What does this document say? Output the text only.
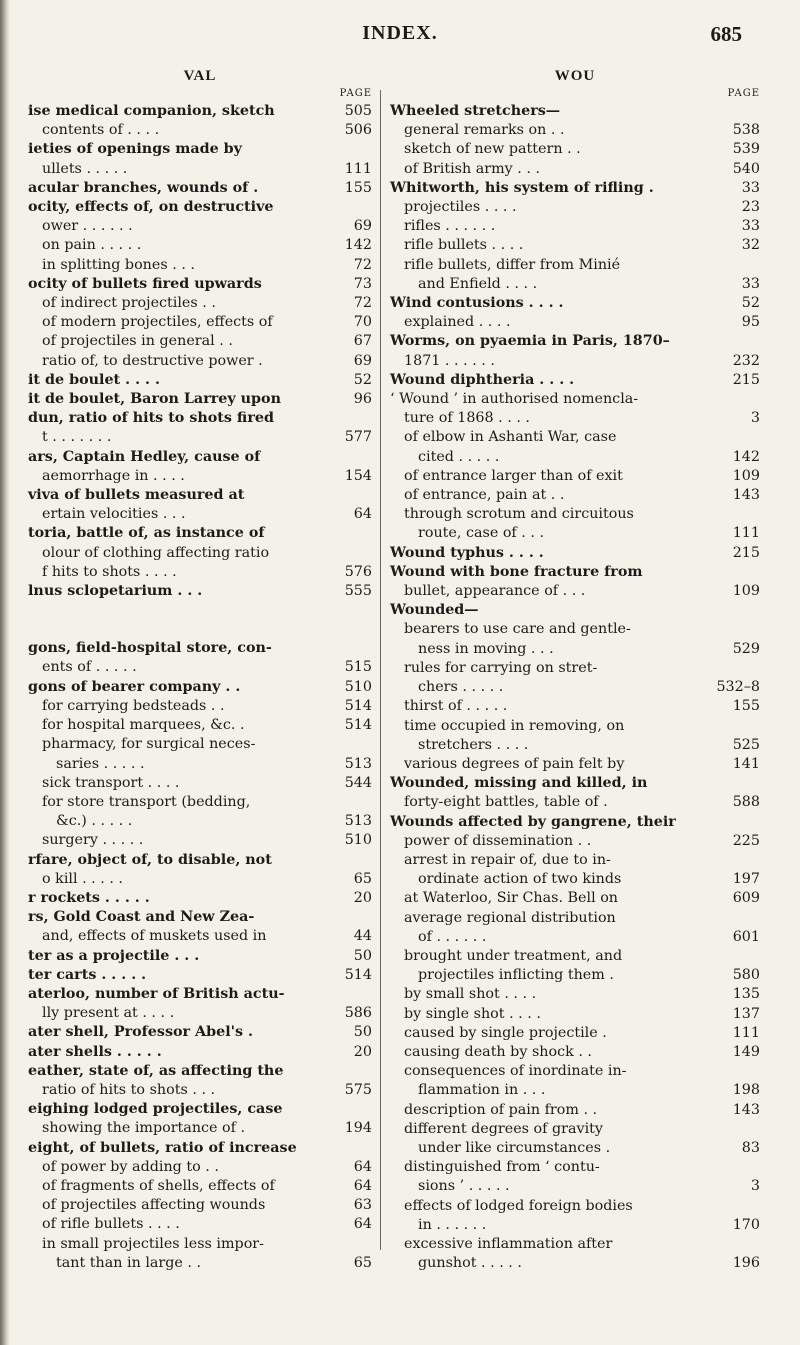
INDEX.	685
VAL
PAGE
ise medical companion, sketch	505
contents of . . . .	506
ieties of openings made by
ullets . . . . .	111
acular branches, wounds of .	155
ocity, effects of, on destructive
ower . . . . . .	69
on pain . . . . .	142
in splitting bones . . .	72
ocity of bullets fired upwards	73
of indirect projectiles . .	72
of modern projectiles, effects of	70
of projectiles in general . .	67
ratio of, to destructive power .	69
it de boulet . . . .	52
it de boulet, Baron Larrey upon	96
dun, ratio of hits to shots fired
t . . . . . . .	577
ars, Captain Hedley, cause of
aemorrhage in . . . .	154
viva of bullets measured at
ertain velocities . . .	64
toria, battle of, as instance of
olour of clothing affecting ratio
f hits to shots . . . .	576
lnus sclopetarium . . .	555
gons, field-hospital store, con-
ents of . . . . .	515
gons of bearer company . .	510
for carrying bedsteads . .	514
for hospital marquees, &c. .	514
pharmacy, for surgical neces-
saries . . . . .	513
sick transport . . . .	544
for store transport (bedding,
&c.) . . . . .	513
surgery . . . . .	510
rfare, object of, to disable, not
o kill . . . . .	65
r rockets . . . . .	20
rs, Gold Coast and New Zea-
and, effects of muskets used in	44
ter as a projectile . . .	50
ter carts . . . . .	514
aterloo, number of British actu-
lly present at . . . .	586
ater shell, Professor Abel's .	50
ater shells . . . . .	20
eather, state of, as affecting the
ratio of hits to shots . . .	575
eighing lodged projectiles, case
showing the importance of .	194
eight, of bullets, ratio of increase
of power by adding to . .	64
of fragments of shells, effects of	64
of projectiles affecting wounds	63
of rifle bullets . . . .	64
in small projectiles less impor-
tant than in large . .	65
WOU
PAGE
Wheeled stretchers—
general remarks on . .	538
sketch of new pattern . .	539
of British army . . .	540
Whitworth, his system of rifling .	33
projectiles . . . .	23
rifles . . . . . .	33
rifle bullets . . . .	32
rifle bullets, differ from Minié
and Enfield . . . .	33
Wind contusions . . . .	52
explained . . . .	95
Worms, on pyaemia in Paris, 1870–
1871 . . . . . .	232
Wound diphtheria . . . .	215
‘ Wound ’ in authorised nomencla-
ture of 1868 . . . .	3
of elbow in Ashanti War, case
cited . . . . .	142
of entrance larger than of exit	109
of entrance, pain at . .	143
through scrotum and circuitous
route, case of . . .	111
Wound typhus . . . .	215
Wound with bone fracture from
bullet, appearance of . . .	109
Wounded—
bearers to use care and gentle-
ness in moving . . .	529
rules for carrying on stret-
chers . . . . .	532–8
thirst of . . . . .	155
time occupied in removing, on
stretchers . . . .	525
various degrees of pain felt by	141
Wounded, missing and killed, in
forty-eight battles, table of .	588
Wounds affected by gangrene, their
power of dissemination . .	225
arrest in repair of, due to in-
ordinate action of two kinds	197
at Waterloo, Sir Chas. Bell on	609
average regional distribution
of . . . . . .	601
brought under treatment, and
projectiles inflicting them .	580
by small shot . . . .	135
by single shot . . . .	137
caused by single projectile .	111
causing death by shock . .	149
consequences of inordinate in-
flammation in . . .	198
description of pain from . .	143
different degrees of gravity
under like circumstances .	83
distinguished from ‘ contu-
sions ’ . . . . .	3
effects of lodged foreign bodies
in . . . . . .	170
excessive inflammation after
gunshot . . . . .	196
